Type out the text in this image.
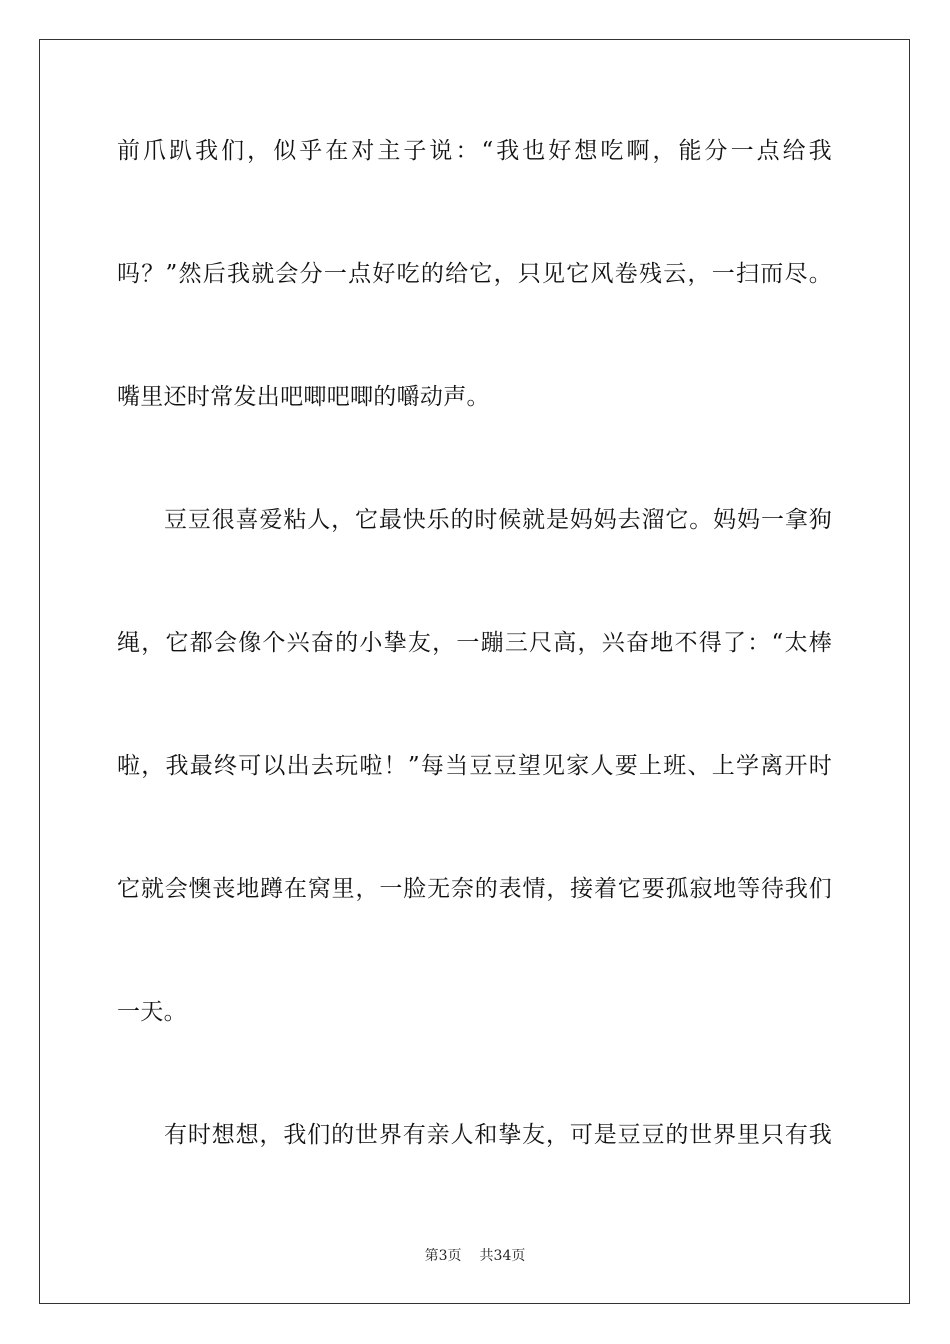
前爪趴我们，似乎在对主子说：“我也好想吃啊，能分一点给我
吗？”然后我就会分一点好吃的给它，只见它风卷残云，一扫而尽。
嘴里还时常发出吧唧吧唧的嚼动声。
豆豆很喜爱粘人，它最快乐的时候就是妈妈去溜它。妈妈一拿狗
绳，它都会像个兴奋的小挚友，一蹦三尺高，兴奋地不得了：“太棒
啦，我最终可以出去玩啦！”每当豆豆望见家人要上班、上学离开时
它就会懊丧地蹲在窝里，一脸无奈的表情，接着它要孤寂地等待我们
一天。
有时想想，我们的世界有亲人和挚友，可是豆豆的世界里只有我
第3页 共34页
